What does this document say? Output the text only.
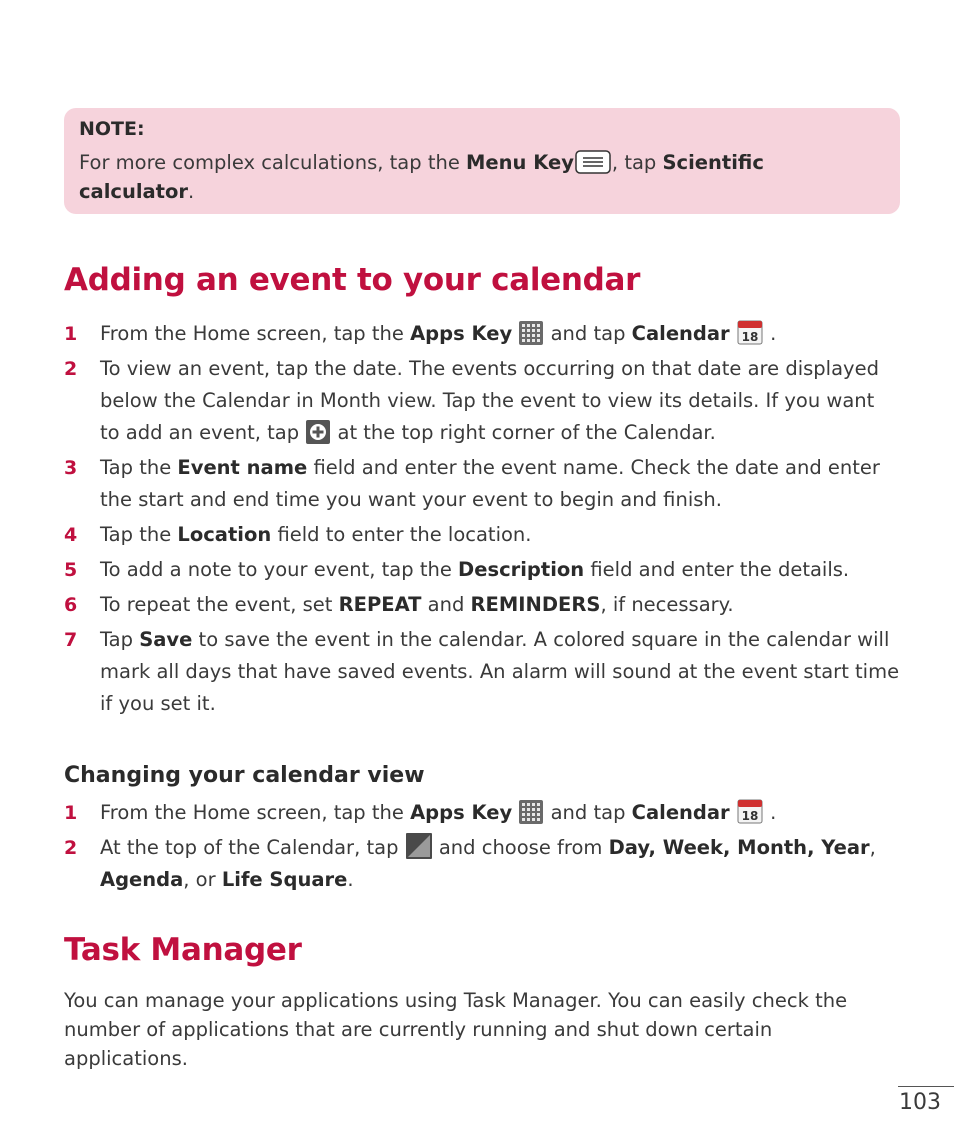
NOTE:

For more complex calculations, tap the Menu Key , tap Scientific calculator.

Adding an event to your calendar
1 From the Home screen, tap the Apps Key  and tap Calendar 18 .
2 To view an event, tap the date. The events occurring on that date are displayed below the Calendar in Month view. Tap the event to view its details. If you want to add an event, tap  at the top right corner of the Calendar.
3 Tap the Event name field and enter the event name. Check the date and enter the start and end time you want your event to begin and finish.
4 Tap the Location field to enter the location.
5 To add a note to your event, tap the Description field and enter the details.
6 To repeat the event, set REPEAT and REMINDERS, if necessary.
7 Tap Save to save the event in the calendar. A colored square in the calendar will mark all days that have saved events. An alarm will sound at the event start time if you set it.
Changing your calendar view
1 From the Home screen, tap the Apps Key  and tap Calendar 18 .
2 At the top of the Calendar, tap  and choose from Day, Week, Month, Year, Agenda, or Life Square.
Task Manager

You can manage your applications using Task Manager. You can easily check the number of applications that are currently running and shut down certain applications.

103
